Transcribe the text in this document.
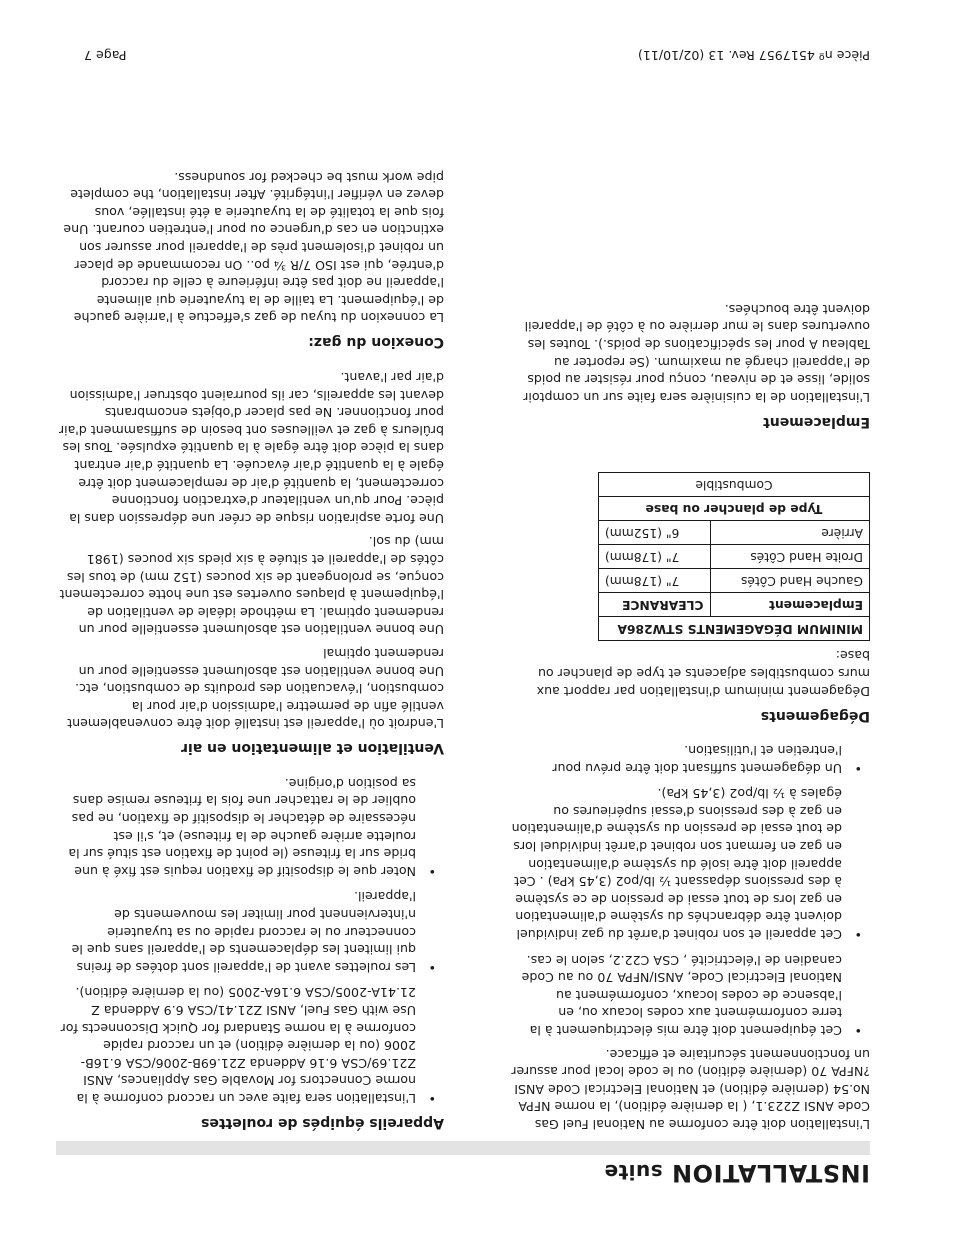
INSTALLATION suite

L'installation doit être conforme au National Fuel Gas Code ANSI Z223.1, ( la dernière édition), la norme NFPA No.54 (dernière édition) et National Electrical Code ANSI ?NFPA 70 (dernière édition) ou le code local pour assurer un fonctionnement sécuritaire et efficace.

•
Cet équipement doit être mis électriquement à la terre conformément aux codes locaux ou, en l'absence de codes locaux, conformément au National Electrical Code, ANSI/NFPA 70 ou au Code canadien de l'électricité , CSA C22.2, selon le cas.
•
Cet appareil et son robinet d'arrêt du gaz individuel doivent être débranchés du système d'alimentation en gaz lors de tout essai de pression de ce système à des pressions dépassant ½ lb/po2 (3,45 kPa) . Cet appareil doit être isolé du système d'alimentation en gaz en fermant son robinet d'arrêt individuel lors de tout essai de pression du système d'alimentation en gaz à des pressions d'essai supérieures ou égales à ½ lb/po2 (3,45 kPa).
•
Un dégagement suffisant doit être prévu pour l'entretien et l'utilisation.
Dégagements

Dégagement minimum d'installation par rapport aux murs combustibles adjacents et type de plancher ou base:

MINIMUM DÉGAGEMENTS STW286A	
Emplacement	CLEARANCE
Gauche Hand Côtés	7" (178mm)
Droite Hand Côtés	7" (178mm)
Arrière	6" (152mm)
Type de plancher ou base	
Combustible	
Emplacement

L'installation de la cuisinière sera faite sur un comptoir solide, lisse et de niveau, conçu pour résister au poids de l'appareil chargé au maximum. (Se reporter au Tableau A pour les spécifications de poids.). Toutes les ouvertures dans le mur derrière ou à côté de l'appareil doivent être bouchées.

Appareils équipés de roulettes
•
L'installation sera faite avec un raccord conforme à la norme Connectors for Movable Gas Appliances, ANSI Z21.69/CSA 6.16 Addenda Z21.69B-2006/CSA 6.16B-2006 (ou la dernière édition) et un raccord rapide conforme à la norme Standard for Quick Disconnects for Use with Gas Fuel, ANSI Z21.41/CSA 6.9 Addenda Z 21.41A-2005/CSA 6.16A-2005 (ou la dernière édition).
•
Les roulettes avant de l'appareil sont dotées de freins qui limitent les déplacements de l'appareil sans que le connecteur ou le raccord rapide ou sa tuyauterie n'interviennent pour limiter les mouvements de l'appareil.
•
Noter que le dispositif de fixation requis est fixé à une bride sur la friteuse (le point de fixation est situé sur la roulette arrière gauche de la friteuse) et, s'il est nécessaire de détacher le dispositif de fixation, ne pas oublier de le rattacher une fois la friteuse remise dans sa position d'origine.
Ventilation et alimentation en air

L'endroit où l'appareil est installé doit être convenablement ventilé afin de permettre l'admission d'air pour la combustion, l'évacuation des produits de combustion, etc. Une bonne ventilation est absolument essentielle pour un rendement optimal

Une bonne ventilation est absolument essentielle pour un rendement optimal. La méthode idéale de ventilation de l'équipement à plaques ouvertes est une hotte correctement conçue, se prolongeant de six pouces (152 mm) de tous les côtés de l'appareil et située à six pieds six pouces (1981 mm) du sol.

Une forte aspiration risque de créer une dépression dans la pièce. Pour qu'un ventilateur d'extraction fonctionne correctement, la quantité d'air de remplacement doit être égale à la quantité d'air évacuée. La quantité d'air entrant dans la pièce doit être égale à la quantité expulsée. Tous les brûleurs à gaz et veilleuses ont besoin de suffisamment d'air pour fonctionner. Ne pas placer d'objets encombrants devant les appareils, car ils pourraient obstruer l'admission d'air par l'avant.

Conexion du gaz:

La connexion du tuyau de gaz s'effectue à l'arrière gauche de l'équipement. La taille de la tuyauterie qui alimente l'appareil ne doit pas être inférieure à celle du raccord d'entrée, qui est ISO 7/R ¾ po.. On recommande de placer un robinet d'isolement près de l'appareil pour assurer son extinction en cas d'urgence ou pour l'entretien courant. Une fois que la totalité de la tuyauterie a été installée, vous devez en vérifier l'intégrité. After installation, the complete pipe work must be checked for soundness.

Pièce nº 4517957 Rev. 13 (02/10/11)
Page 7
